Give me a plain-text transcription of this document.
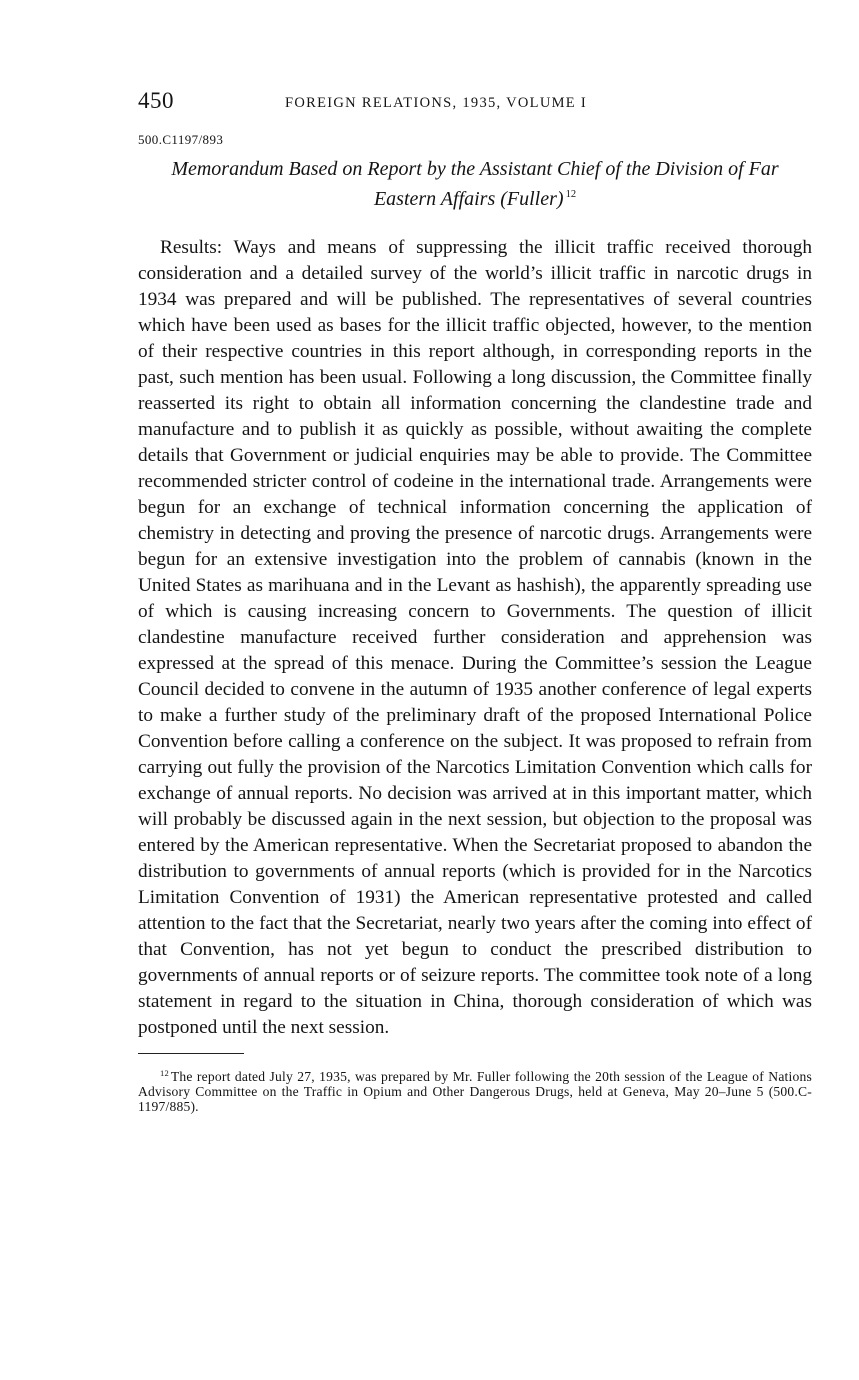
450	FOREIGN RELATIONS, 1935, VOLUME I
500.C1197/893
Memorandum Based on Report by the Assistant Chief of the Division of Far Eastern Affairs (Fuller) $^{12}$

Results: Ways and means of suppressing the illicit traffic received thorough consideration and a detailed survey of the world’s illicit traffic in narcotic drugs in 1934 was prepared and will be published. The representatives of several countries which have been used as bases for the illicit traffic objected, however, to the mention of their respective countries in this report although, in corresponding reports in the past, such mention has been usual. Following a long discussion, the Committee finally reasserted its right to obtain all information concerning the clandestine trade and manufacture and to publish it as quickly as possible, without awaiting the complete details that Government or judicial enquiries may be able to provide. The Committee recommended stricter control of codeine in the international trade. Arrangements were begun for an exchange of technical information concerning the application of chemistry in detecting and proving the presence of narcotic drugs. Arrangements were begun for an extensive investigation into the problem of cannabis (known in the United States as marihuana and in the Levant as hashish), the apparently spreading use of which is causing increasing concern to Governments. The question of illicit clandestine manufacture received further consideration and apprehension was expressed at the spread of this menace. During the Committee’s session the League Council decided to convene in the autumn of 1935 another conference of legal experts to make a further study of the preliminary draft of the proposed International Police Convention before calling a conference on the subject. It was proposed to refrain from carrying out fully the provision of the Narcotics Limitation Convention which calls for exchange of annual reports. No decision was arrived at in this important matter, which will probably be discussed again in the next session, but objection to the proposal was entered by the American representative. When the Secretariat proposed to abandon the distribution to governments of annual reports (which is provided for in the Narcotics Limitation Convention of 1931) the American representative protested and called attention to the fact that the Secretariat, nearly two years after the coming into effect of that Convention, has not yet begun to conduct the prescribed distribution to governments of annual reports or of seizure reports. The committee took note of a long statement in regard to the situation in China, thorough consideration of which was postponed until the next session.

$^{12}$ The report dated July 27, 1935, was prepared by Mr. Fuller following the 20th session of the League of Nations Advisory Committee on the Traffic in Opium and Other Dangerous Drugs, held at Geneva, May 20–June 5 (500.C-1197/885).
